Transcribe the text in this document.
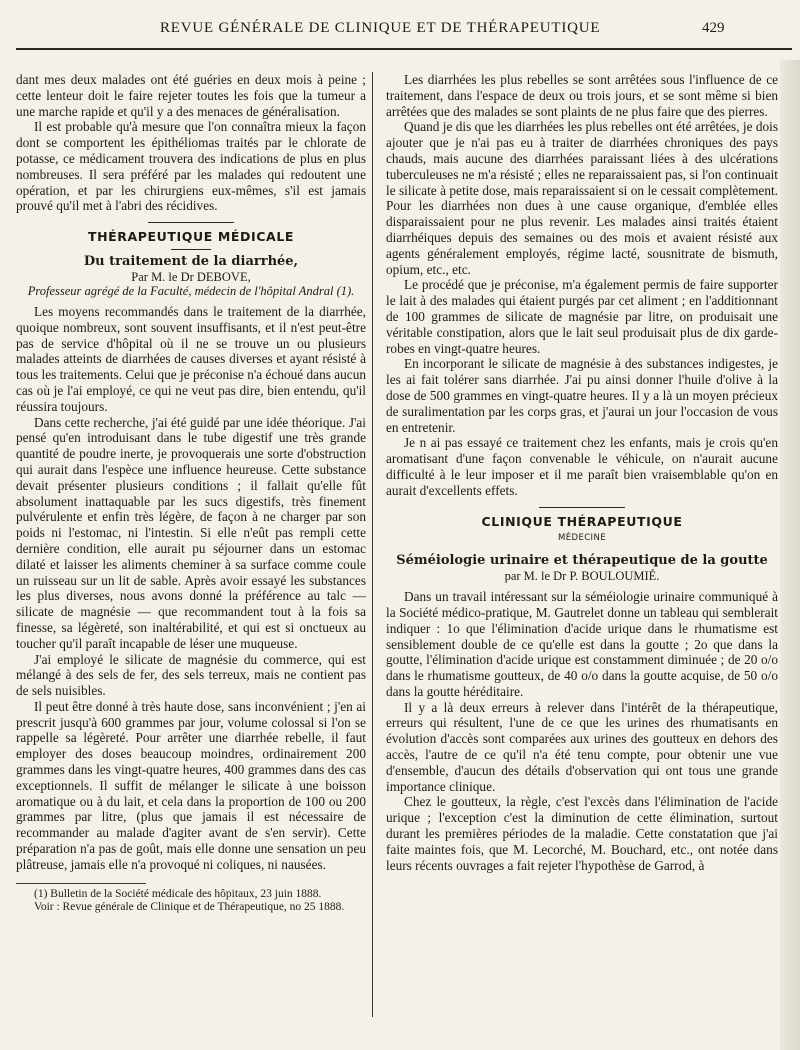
REVUE GÉNÉRALE DE CLINIQUE ET DE THÉRAPEUTIQUE	429

dant mes deux malades ont été guéries en deux mois à peine ; cette lenteur doit le faire rejeter toutes les fois que la tumeur a une marche rapide et qu'il y a des menaces de généralisation.

Il est probable qu'à mesure que l'on connaîtra mieux la façon dont se comportent les épithéliomas traités par le chlorate de potasse, ce médicament trouvera des indications de plus en plus nombreuses. Il sera préféré par les malades qui redoutent une opération, et par les chirurgiens eux-mêmes, s'il est jamais prouvé qu'il met à l'abri des récidives.

THÉRAPEUTIQUE MÉDICALE
Du traitement de la diarrhée,
Par M. le Dr DEBOVE,
Professeur agrégé de la Faculté, médecin de l'hôpital Andral (1).

Les moyens recommandés dans le traitement de la diarrhée, quoique nombreux, sont souvent insuffisants, et il n'est peut-être pas de service d'hôpital où il ne se trouve un ou plusieurs malades atteints de diarrhées de causes diverses et ayant résisté à tous les traitements. Celui que je préconise n'a échoué dans aucun cas où je l'ai employé, ce qui ne veut pas dire, bien entendu, qu'il réussira toujours.

Dans cette recherche, j'ai été guidé par une idée théorique. J'ai pensé qu'en introduisant dans le tube digestif une très grande quantité de poudre inerte, je provoquerais une sorte d'obstruction qui aurait dans l'espèce une influence heureuse. Cette substance devait présenter plusieurs conditions ; il fallait qu'elle fût absolument inattaquable par les sucs digestifs, très finement pulvérulente et enfin très légère, de façon à ne charger par son poids ni l'estomac, ni l'intestin. Si elle n'eût pas rempli cette dernière condition, elle aurait pu séjourner dans un estomac dilaté et laisser les aliments cheminer à sa surface comme coule un ruisseau sur un lit de sable. Après avoir essayé les substances les plus diverses, nous avons donné la préférence au talc — silicate de magnésie — que recommandent tout à la fois sa finesse, sa légèreté, son inaltérabilité, et qui est si onctueux au toucher qu'il paraît incapable de léser une muqueuse.

J'ai employé le silicate de magnésie du commerce, qui est mélangé à des sels de fer, des sels terreux, mais ne contient pas de sels nuisibles.

Il peut être donné à très haute dose, sans inconvénient ; j'en ai prescrit jusqu'à 600 grammes par jour, volume colossal si l'on se rappelle sa légèreté. Pour arrêter une diarrhée rebelle, il faut employer des doses beaucoup moindres, ordinairement 200 grammes dans les vingt-quatre heures, 400 grammes dans des cas exceptionnels. Il suffit de mélanger le silicate à une boisson aromatique ou à du lait, et cela dans la proportion de 100 ou 200 grammes par litre, (plus que jamais il est nécessaire de recommander au malade d'agiter avant de s'en servir). Cette préparation n'a pas de goût, mais elle donne une sensation un peu plâtreuse, jamais elle n'a provoqué ni coliques, ni nausées.

(1) Bulletin de la Société médicale des hôpitaux, 23 juin 1888.

Voir : Revue générale de Clinique et de Thérapeutique, no 25 1888.

Les diarrhées les plus rebelles se sont arrêtées sous l'influence de ce traitement, dans l'espace de deux ou trois jours, et se sont même si bien arrêtées que des malades se sont plaints de ne plus faire que des pierres.

Quand je dis que les diarrhées les plus rebelles ont été arrêtées, je dois ajouter que je n'ai pas eu à traiter de diarrhées chroniques des pays chauds, mais aucune des diarrhées paraissant liées à des ulcérations tuberculeuses ne m'a résisté ; elles ne reparaissaient pas, si l'on continuait le silicate à petite dose, mais reparaissaient si on le cessait complètement. Pour les diarrhées non dues à une cause organique, d'emblée elles disparaissaient pour ne plus revenir. Les malades ainsi traités étaient diarrhéiques depuis des semaines ou des mois et avaient résisté aux agents généralement employés, régime lacté, sousnitrate de bismuth, opium, etc., etc.

Le procédé que je préconise, m'a également permis de faire supporter le lait à des malades qui étaient purgés par cet aliment ; en l'additionnant de 100 grammes de silicate de magnésie par litre, on produisait une véritable constipation, alors que le lait seul produisait plus de dix garde-robes en vingt-quatre heures.

En incorporant le silicate de magnésie à des substances indigestes, je les ai fait tolérer sans diarrhée. J'ai pu ainsi donner l'huile d'olive à la dose de 500 grammes en vingt-quatre heures. Il y a là un moyen précieux de suralimentation par les corps gras, et j'aurai un jour l'occasion de vous en entretenir.

Je n ai pas essayé ce traitement chez les enfants, mais je crois qu'en aromatisant d'une façon convenable le véhicule, on n'aurait aucune difficulté à le leur imposer et il me paraît bien vraisemblable qu'on en aurait d'excellents effets.

CLINIQUE THÉRAPEUTIQUE
MÉDECINE
Séméiologie urinaire et thérapeutique de la goutte
par M. le Dr P. BOULOUMIÉ.

Dans un travail intéressant sur la séméiologie urinaire communiqué à la Société médico-pratique, M. Gautrelet donne un tableau qui semblerait indiquer : 1o que l'élimination d'acide urique dans le rhumatisme est sensiblement double de ce qu'elle est dans la goutte ; 2o que dans la goutte, l'élimination d'acide urique est constamment diminuée ; de 20 o/o dans le rhumatisme goutteux, de 40 o/o dans la goutte acquise, de 50 o/o dans la goutte héréditaire.

Il y a là deux erreurs à relever dans l'intérêt de la thérapeutique, erreurs qui résultent, l'une de ce que les urines des rhumatisants en évolution d'accès sont comparées aux urines des goutteux en dehors des accès, l'autre de ce qu'il n'a été tenu compte, pour obtenir une vue d'ensemble, d'aucun des détails d'observation qui ont tous une grande importance clinique.

Chez le goutteux, la règle, c'est l'excès dans l'élimination de l'acide urique ; l'exception c'est la diminution de cette élimination, surtout durant les premières périodes de la maladie. Cette constatation que j'ai faite maintes fois, que M. Lecorché, M. Bouchard, etc., ont notée dans leurs récents ouvrages a fait rejeter l'hypothèse de Garrod, à
